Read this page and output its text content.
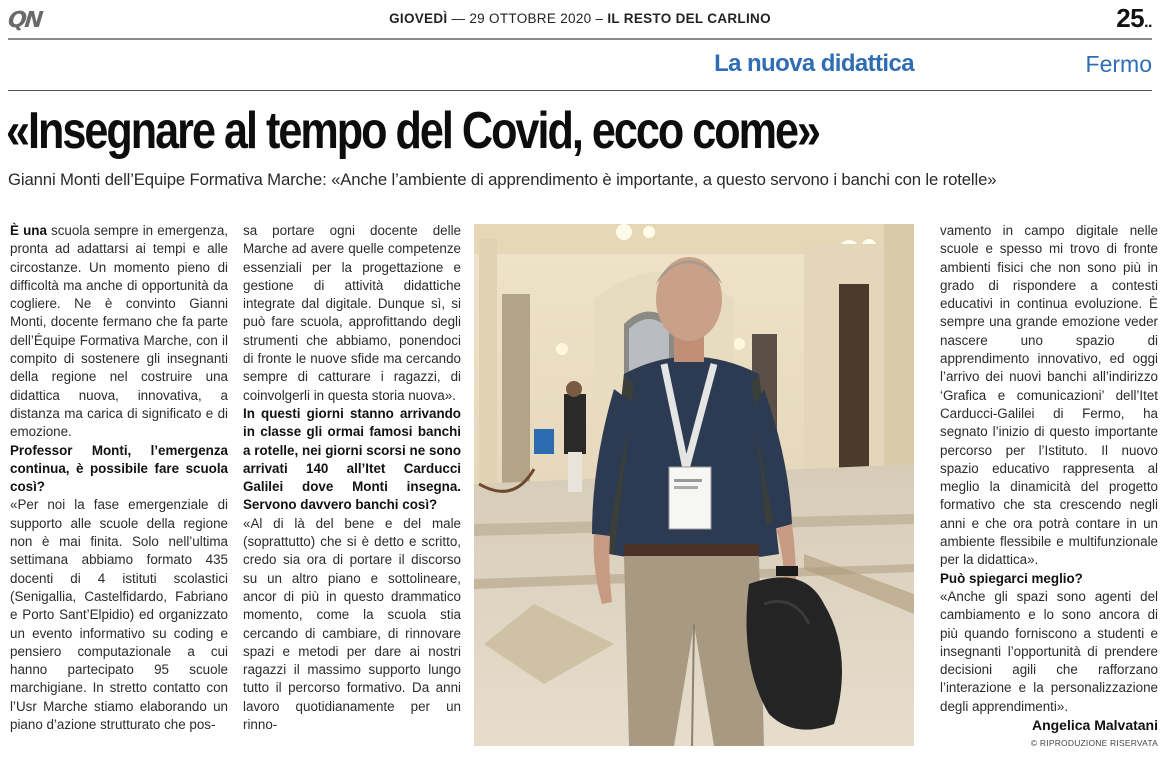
QN	GIOVEDÌ — 29 OTTOBRE 2020 – IL RESTO DEL CARLINO	25..
La nuova didattica	Fermo
«Insegnare al tempo del Covid, ecco come»
Gianni Monti dell’Equipe Formativa Marche: «Anche l’ambiente di apprendimento è importante, a questo servono i banchi con le rotelle»

È una scuola sempre in emergenza, pronta ad adattarsi ai tempi e alle circostanze. Un momento pieno di difficoltà ma anche di opportunità da cogliere. Ne è convinto Gianni Monti, docente fermano che fa parte dell’Équipe Formativa Marche, con il compito di sostenere gli insegnanti della regione nel costruire una didattica nuova, innovativa, a distanza ma carica di significato e di emozione.

Professor Monti, l’emergenza continua, è possibile fare scuola così?

«Per noi la fase emergenziale di supporto alle scuole della regione non è mai finita. Solo nell’ultima settimana abbiamo formato 435 docenti di 4 istituti scolastici (Senigallia, Castelfidardo, Fabriano e Porto Sant’Elpidio) ed organizzato un evento informativo su coding e pensiero computazionale a cui hanno partecipato 95 scuole marchigiane. In stretto contatto con l’Usr Marche stiamo elaborando un piano d’azione strutturato che pos-

sa portare ogni docente delle Marche ad avere quelle competenze essenziali per la progettazione e gestione di attività didattiche integrate dal digitale. Dunque sì, si può fare scuola, approfittando degli strumenti che abbiamo, ponendoci di fronte le nuove sfide ma cercando sempre di catturare i ragazzi, di coinvolgerli in questa storia nuova».

In questi giorni stanno arrivando in classe gli ormai famosi banchi a rotelle, nei giorni scorsi ne sono arrivati 140 all’Itet Carducci Galilei dove Monti insegna. Servono davvero banchi così?

«Al di là del bene e del male (soprattutto) che si è detto e scritto, credo sia ora di portare il discorso su un altro piano e sottolineare, ancor di più in questo drammatico momento, come la scuola stia cercando di cambiare, di rinnovare spazi e metodi per dare ai nostri ragazzi il massimo supporto lungo tutto il percorso formativo. Da anni lavoro quotidianamente per un rinno-

vamento in campo digitale nelle scuole e spesso mi trovo di fronte ambienti fisici che non sono più in grado di rispondere a contesti educativi in continua evoluzione. È sempre una grande emozione veder nascere uno spazio di apprendimento innovativo, ed oggi l’arrivo dei nuovi banchi all’indirizzo ‘Grafica e comunicazioni’ dell’Itet Carducci-Galilei di Fermo, ha segnato l’inizio di questo importante percorso per l’Istituto. Il nuovo spazio educativo rappresenta al meglio la dinamicità del progetto formativo che sta crescendo negli anni e che ora potrà contare in un ambiente flessibile e multifunzionale per la didattica».

Può spiegarci meglio?

«Anche gli spazi sono agenti del cambiamento e lo sono ancora di più quando forniscono a studenti e insegnanti l’opportunità di prendere decisioni agili che rafforzano l’interazione e la personalizzazione degli apprendimenti».

Angelica Malvatani

© RIPRODUZIONE RISERVATA
